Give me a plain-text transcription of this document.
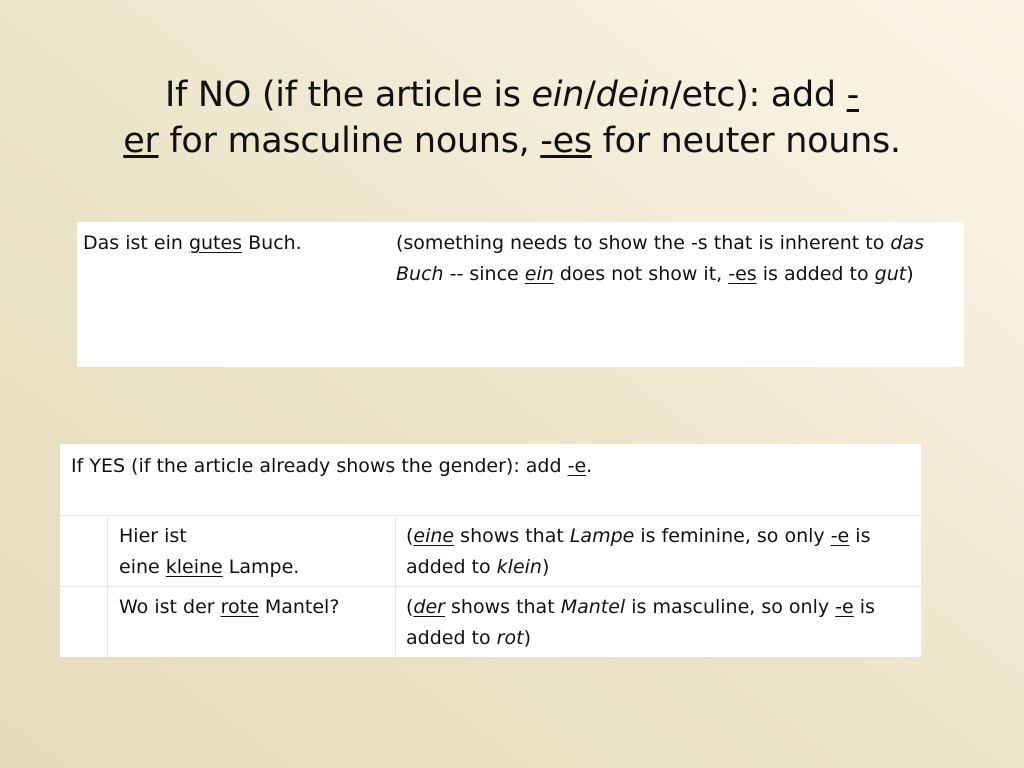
If NO (if the article is ein/dein/etc): add -
er for masculine nouns, -es for neuter nouns.
Das ist ein gutes Buch.	(something needs to show the -s that is inherent to das Buch -- since ein does not show it, -es is added to gut)
If YES (if the article already shows the gender): add -e.
Hier ist
eine kleine Lampe.
(eine shows that Lampe is feminine, so only -e is added to klein)
Wo ist der rote Mantel?	(der shows that Mantel is masculine, so only -e is added to rot)
